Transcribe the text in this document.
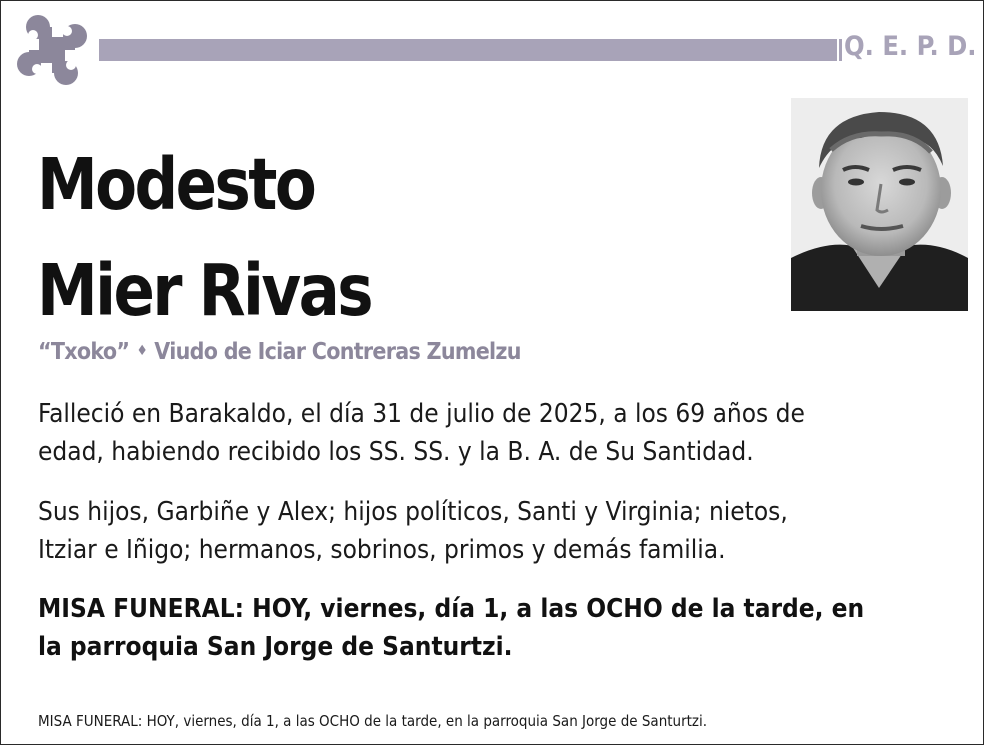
Q. E. P. D.
Modesto
Mier Rivas
“Txoko” ♦ Viudo de Iciar Contreras Zumelzu
Falleció en Barakaldo, el día 31 de julio de 2025, a los 69 años de
edad, habiendo recibido los SS. SS. y la B. A. de Su Santidad.
Sus hijos, Garbiñe y Alex; hijos políticos, Santi y Virginia; nietos,
Itziar e Iñigo; hermanos, sobrinos, primos y demás familia.
MISA FUNERAL: HOY, viernes, día 1, a las OCHO de la tarde, en
la parroquia San Jorge de Santurtzi.
MISA FUNERAL: HOY, viernes, día 1, a las OCHO de la tarde, en la parroquia San Jorge de Santurtzi.
